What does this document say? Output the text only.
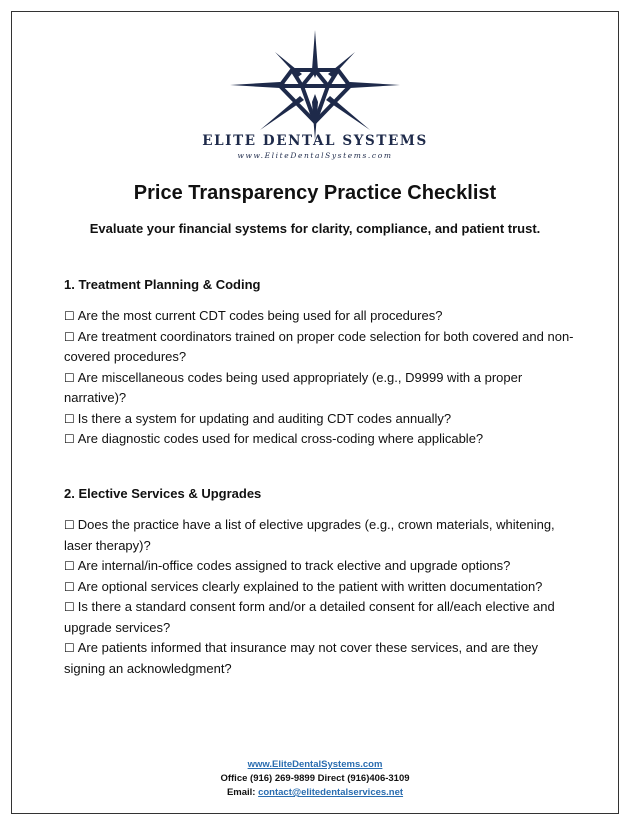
ELITE DENTAL SYSTEMS
www.EliteDentalSystems.com
Price Transparency Practice Checklist
Evaluate your financial systems for clarity, compliance, and patient trust.
1. Treatment Planning & Coding
☐ Are the most current CDT codes being used for all procedures?
☐ Are treatment coordinators trained on proper code selection for both covered and non-covered procedures?
☐ Are miscellaneous codes being used appropriately (e.g., D9999 with a proper narrative)?
☐ Is there a system for updating and auditing CDT codes annually?
☐ Are diagnostic codes used for medical cross-coding where applicable?
2. Elective Services & Upgrades
☐ Does the practice have a list of elective upgrades (e.g., crown materials, whitening, laser therapy)?
☐ Are internal/in-office codes assigned to track elective and upgrade options?
☐ Are optional services clearly explained to the patient with written documentation?
☐ Is there a standard consent form and/or a detailed consent for all/each elective and upgrade services?
☐ Are patients informed that insurance may not cover these services, and are they signing an acknowledgment?
www.EliteDentalSystems.com
Office (916) 269-9899 Direct (916)406-3109
Email: contact@elitedentalservices.net
